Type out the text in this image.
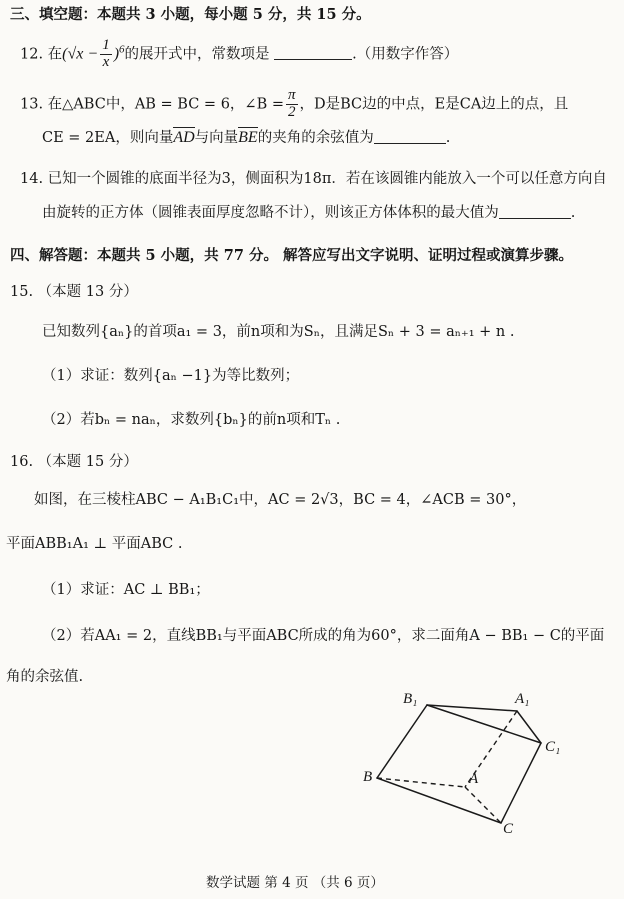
三、填空题：本题共 3 小题，每小题 5 分，共 15 分。
12. 在$(√x - \frac{1}{x} )^6$的展开式中，常数项是	.（用数字作答）
13. 在△ABC中，AB = BC = 6，∠B = $\frac{\pi}{2}$ ，D是BC边的中点，E是CA边上的点，且
CE = 2EA，则向量AD与向量BE的夹角的余弦值为	.
14. 已知一个圆锥的底面半径为3，侧面积为18π．若在该圆锥内能放入一个可以任意方向自
由旋转的正方体（圆锥表面厚度忽略不计），则该正方体体积的最大值为	.
四、解答题：本题共 5 小题，共 77 分。 解答应写出文字说明、证明过程或演算步骤。
15. （本题 13 分）
已知数列{aₙ}的首项a₁ = 3，前n项和为Sₙ，且满足Sₙ + 3 = aₙ₊₁ + n .
（1）求证：数列{aₙ −1}为等比数列；
（2）若bₙ = naₙ，求数列{bₙ}的前n项和Tₙ .
16. （本题 15 分）
如图，在三棱柱ABC − A₁B₁C₁中，AC = 2√3，BC = 4，∠ACB = 30°，
平面ABB₁A₁ ⊥ 平面ABC .
（1）求证：AC ⊥ BB₁；
（2）若AA₁ = 2，直线BB₁与平面ABC所成的角为60°，求二面角A − BB₁ − C的平面
角的余弦值.
B₁	A₁
C₁
B	A
C
数学试题 第 4 页 （共 6 页）
